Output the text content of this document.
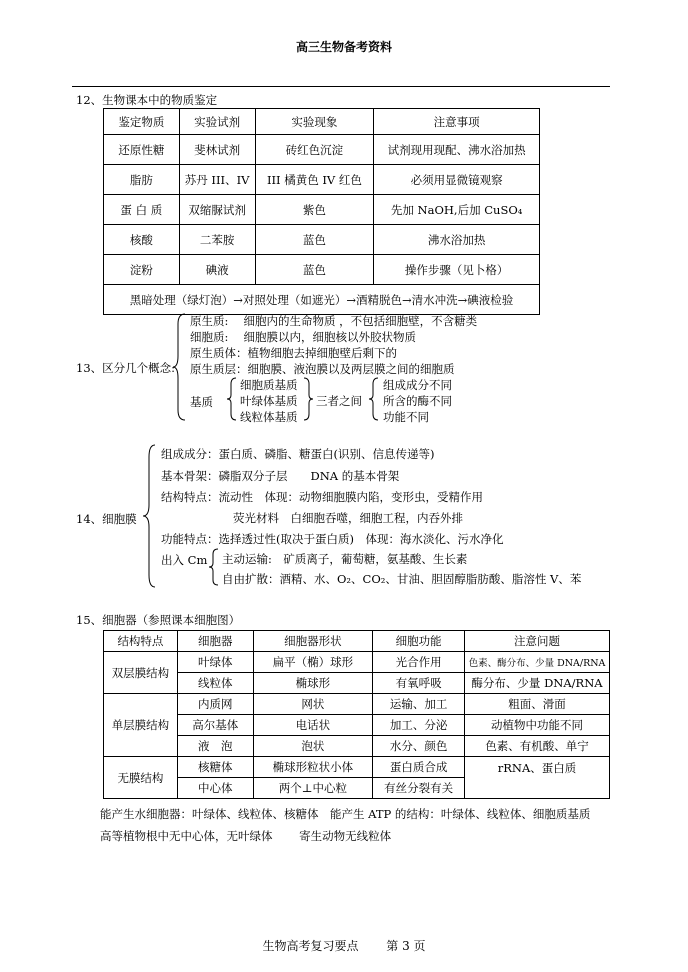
高三生物备考资料
12、生物课本中的物质鉴定
鉴定物质	实验试剂	实验现象	注意事项
还原性糖	斐林试剂	砖红色沉淀	试剂现用现配、沸水浴加热
脂肪	苏丹 III、IV	III 橘黄色 IV 红色	必须用显微镜观察
蛋 白 质	双缩脲试剂	紫色	先加 NaOH,后加 CuSO₄
核酸	二苯胺	蓝色	沸水浴加热
淀粉	碘液	蓝色	操作步骤（见卜格）
黑暗处理（绿灯泡）→对照处理（如遮光）→酒精脱色→清水冲洗→碘液检验			
13、区分几个概念:
原生质:　 细胞内的生命物质 ，不包括细胞壁，不含糖类
细胞质:　 细胞膜以内，细胞核以外胶状物质
原生质体：植物细胞去掉细胞壁后剩下的
原生质层：细胞膜、液泡膜以及两层膜之间的细胞质
基质
细胞质基质
叶绿体基质
线粒体基质
三者之间
组成成分不同
所含的酶不同
功能不同
14、细胞膜
组成成分：蛋白质、磷脂、糖蛋白(识别、信息传递等)
基本骨架：磷脂双分子层　　DNA 的基本骨架
结构特点：流动性　体现：动物细胞膜内陷，变形虫，受精作用
荧光材料　白细胞吞噬，细胞工程，内吞外排
功能特点：选择透过性(取决于蛋白质)　体现：海水淡化、污水净化
出入 Cm 主动运输:　矿质离子，葡萄糖，氨基酸、生长素
自由扩散：酒精、水、O₂、CO₂、甘油、胆固醇脂肪酸、脂溶性 V、苯
15、细胞器（参照课本细胞图）
结构特点	细胞器	细胞器形状	细胞功能	注意问题
双层膜结构	叶绿体	扁平（椭）球形	光合作用	色素、酶分布、少量 DNA/RNA
	线粒体	椭球形	有氧呼吸	酶分布、少量 DNA/RNA
单层膜结构	内质网	网状	运输、加工	粗面、滑面
	高尔基体	电话状	加工、分泌	动植物中功能不同
	液　泡	泡状	水分、颜色	色素、有机酸、单宁
无膜结构	核糖体	椭球形粒状小体	蛋白质合成	rRNA、蛋白质
	中心体	两个⊥中心粒	有丝分裂有关	
能产生水细胞器：叶绿体、线粒体、核糖体　能产生 ATP 的结构：叶绿体、线粒体、细胞质基质
高等植物根中无中心体，无叶绿体　　 寄生动物无线粒体
生物高考复习要点 第 3 页
